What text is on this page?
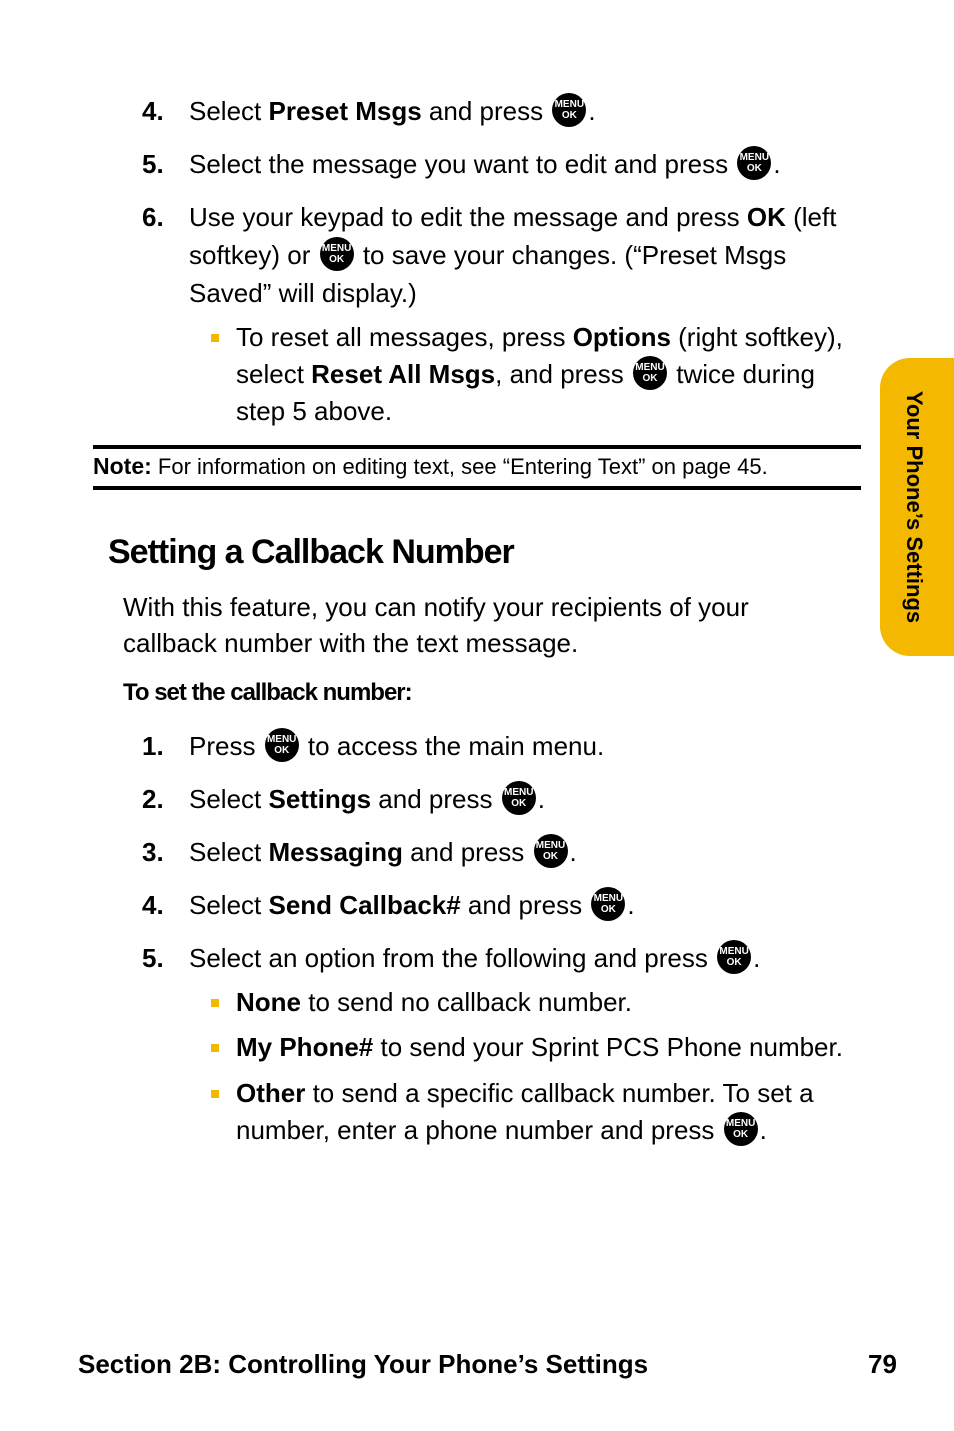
4. Select Preset Msgs and press MENU
OK .
5. Select the message you want to edit and press MENU
OK .
6. Use your keypad to edit the message and press OK (left softkey) or MENU
OK to save your changes. (“Preset Msgs Saved” will display.)
To reset all messages, press Options (right softkey), select Reset All Msgs, and press MENU
OK twice during step 5 above.
Note: For information on editing text, see “Entering Text” on page 45.
Setting a Callback Number
With this feature, you can notify your recipients of your callback number with the text message.
To set the callback number:
1. Press MENU
OK to access the main menu.
2. Select Settings and press MENU
OK .
3. Select Messaging and press MENU
OK .
4. Select Send Callback# and press MENU
OK .
5. Select an option from the following and press MENU
OK .
None to send no callback number.
My Phone# to send your Sprint PCS Phone number.
Other to send a specific callback number. To set a number, enter a phone number and press MENU
OK .
Your Phone’s Settings
Section 2B: Controlling Your Phone’s Settings	79
